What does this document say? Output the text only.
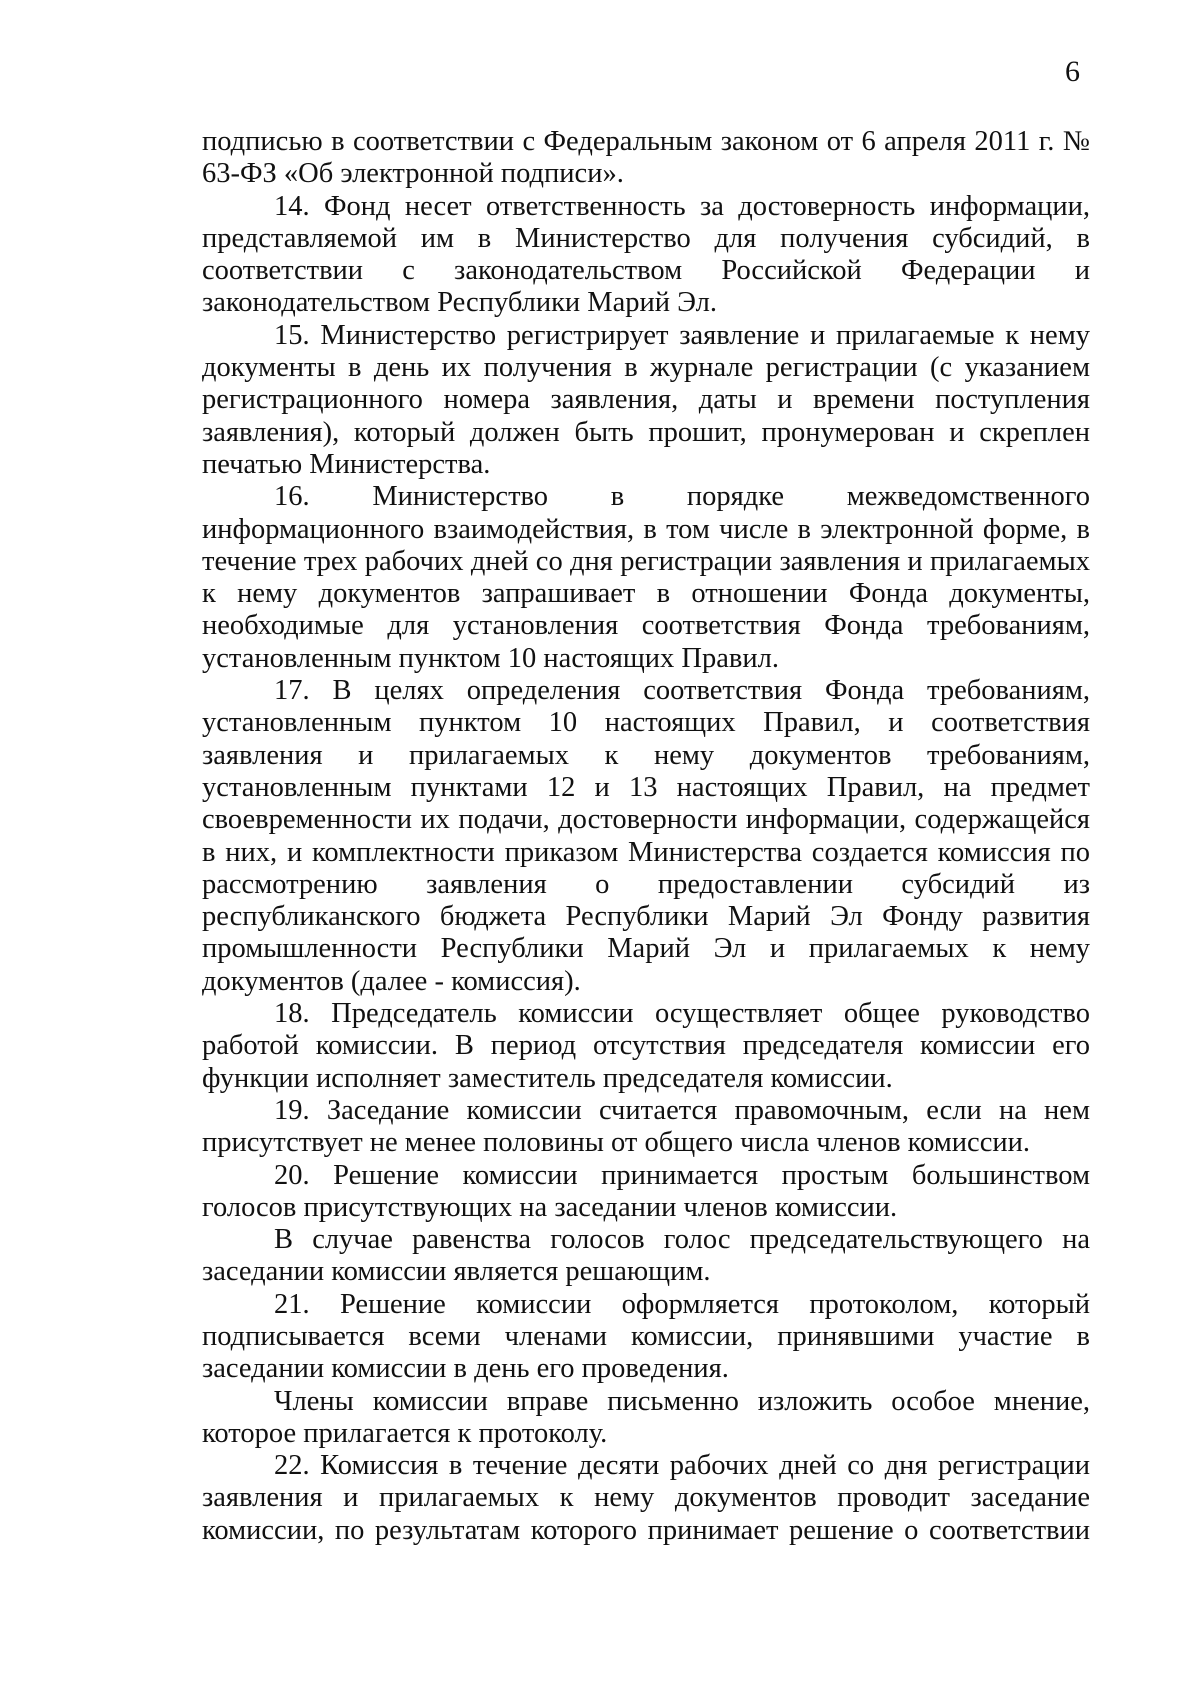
6

подписью в соответствии с Федеральным законом от 6 апреля 2011 г. № 63-ФЗ «Об электронной подписи».

14. Фонд несет ответственность за достоверность информации, представляемой им в Министерство для получения субсидий, в соответствии с законодательством Российской Федерации и законодательством Республики Марий Эл.

15. Министерство регистрирует заявление и прилагаемые к нему документы в день их получения в журнале регистрации (с указанием регистрационного номера заявления, даты и времени поступления заявления), который должен быть прошит, пронумерован и скреплен печатью Министерства.

16. Министерство в порядке межведомственного информационного взаимодействия, в том числе в электронной форме, в течение трех рабочих дней со дня регистрации заявления и прилагаемых к нему документов запрашивает в отношении Фонда документы, необходимые для установления соответствия Фонда требованиям, установленным пунктом 10 настоящих Правил.

17. В целях определения соответствия Фонда требованиям, установленным пунктом 10 настоящих Правил, и соответствия заявления и прилагаемых к нему документов требованиям, установленным пунктами 12 и 13 настоящих Правил, на предмет своевременности их подачи, достоверности информации, содержащейся в них, и комплектности приказом Министерства создается комиссия по рассмотрению заявления о предоставлении субсидий из республиканского бюджета Республики Марий Эл Фонду развития промышленности Республики Марий Эл и прилагаемых к нему документов (далее - комиссия).

18. Председатель комиссии осуществляет общее руководство работой комиссии. В период отсутствия председателя комиссии его функции исполняет заместитель председателя комиссии.

19. Заседание комиссии считается правомочным, если на нем присутствует не менее половины от общего числа членов комиссии.

20. Решение комиссии принимается простым большинством голосов присутствующих на заседании членов комиссии.

В случае равенства голосов голос председательствующего на заседании комиссии является решающим.

21. Решение комиссии оформляется протоколом, который подписывается всеми членами комиссии, принявшими участие в заседании комиссии в день его проведения.

Члены комиссии вправе письменно изложить особое мнение, которое прилагается к протоколу.

22. Комиссия в течение десяти рабочих дней со дня регистрации заявления и прилагаемых к нему документов проводит заседание комиссии, по результатам которого принимает решение о соответствии
